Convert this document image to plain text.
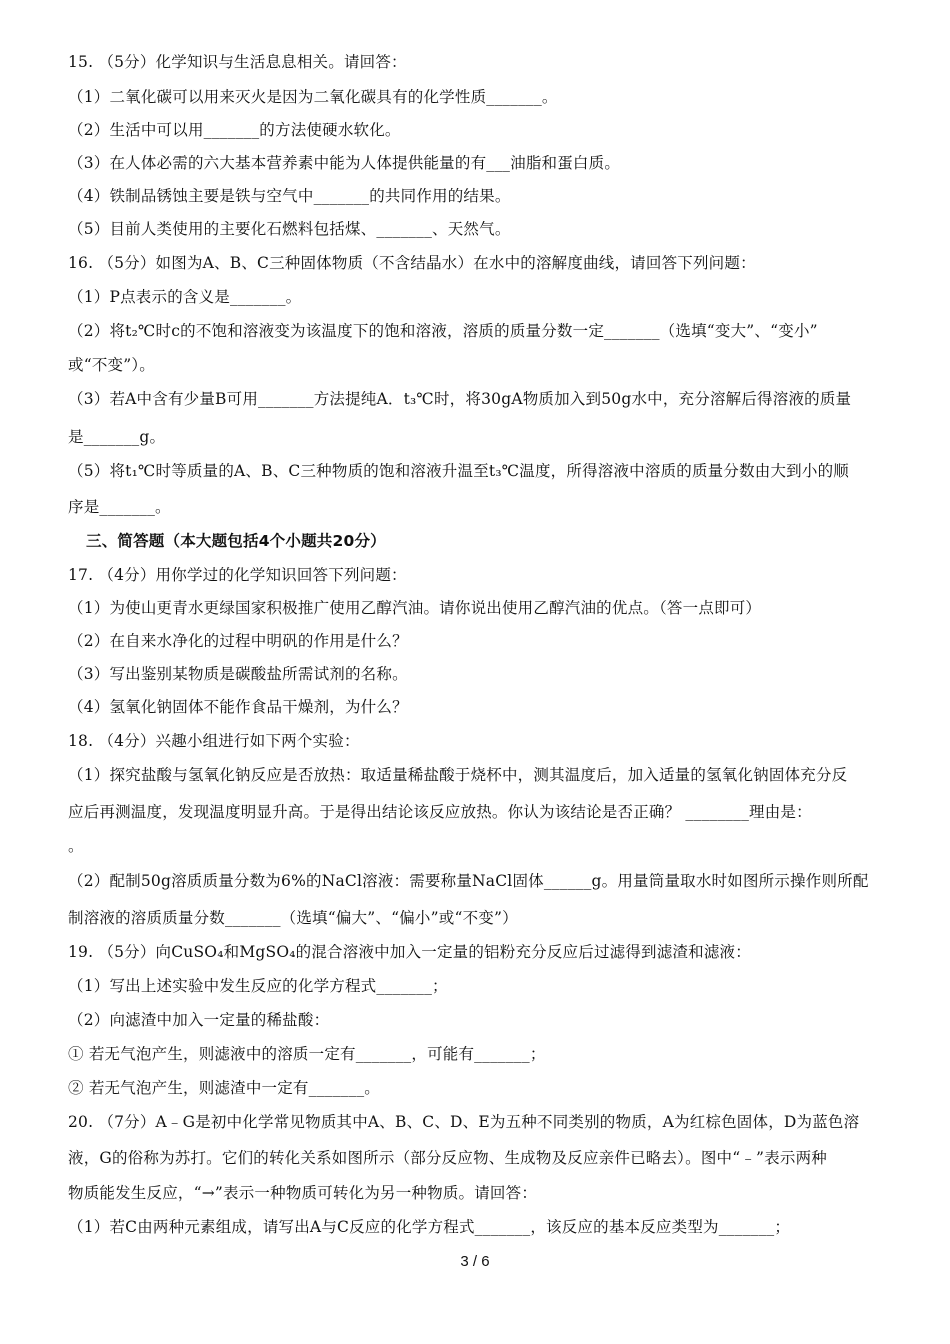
15. （5分）化学知识与生活息息相关。请回答：
（1）二氧化碳可以用来灭火是因为二氧化碳具有的化学性质_______。
（2）生活中可以用_______的方法使硬水软化。
（3）在人体必需的六大基本营养素中能为人体提供能量的有___油脂和蛋白质。
（4）铁制品锈蚀主要是铁与空气中_______的共同作用的结果。
（5）目前人类使用的主要化石燃料包括煤、_______、天然气。
16. （5分）如图为A、B、C三种固体物质（不含结晶水）在水中的溶解度曲线，请回答下列问题：
（1）P点表示的含义是_______。
（2）将t₂℃时c的不饱和溶液变为该温度下的饱和溶液，溶质的质量分数一定_______（选填“变大”、“变小”
或“不变”）。
（3）若A中含有少量B可用_______方法提纯A．t₃℃时，将30gA物质加入到50g水中，充分溶解后得溶液的质量
是_______g。
（5）将t₁℃时等质量的A、B、C三种物质的饱和溶液升温至t₃℃温度，所得溶液中溶质的质量分数由大到小的顺
序是_______。
三、简答题（本大题包括4个小题共20分）
17. （4分）用你学过的化学知识回答下列问题：
（1）为使山更青水更绿国家积极推广使用乙醇汽油。请你说出使用乙醇汽油的优点。（答一点即可）
（2）在自来水净化的过程中明矾的作用是什么？
（3）写出鉴别某物质是碳酸盐所需试剂的名称。
（4）氢氧化钠固体不能作食品干燥剂，为什么？
18. （4分）兴趣小组进行如下两个实验：
（1）探究盐酸与氢氧化钠反应是否放热：取适量稀盐酸于烧杯中，测其温度后，加入适量的氢氧化钠固体充分反
应后再测温度，发现温度明显升高。于是得出结论该反应放热。你认为该结论是否正确？ ________理由是：
。
（2）配制50g溶质质量分数为6%的NaCl溶液：需要称量NaCl固体______g。用量筒量取水时如图所示操作则所配
制溶液的溶质质量分数_______（选填“偏大”、“偏小”或“不变”）
19. （5分）向CuSO₄和MgSO₄的混合溶液中加入一定量的铝粉充分反应后过滤得到滤渣和滤液：
（1）写出上述实验中发生反应的化学方程式_______；
（2）向滤渣中加入一定量的稀盐酸：
① 若无气泡产生，则滤液中的溶质一定有_______，可能有_______；
② 若无气泡产生，则滤渣中一定有_______。
20. （7分）A﹣G是初中化学常见物质其中A、B、C、D、E为五种不同类别的物质，A为红棕色固体，D为蓝色溶
液，G的俗称为苏打。它们的转化关系如图所示（部分反应物、生成物及反应亲件已略去）。图中“﹣”表示两种
物质能发生反应，“→”表示一种物质可转化为另一种物质。请回答：
（1）若C由两种元素组成，请写出A与C反应的化学方程式_______，该反应的基本反应类型为_______；
3 / 6
